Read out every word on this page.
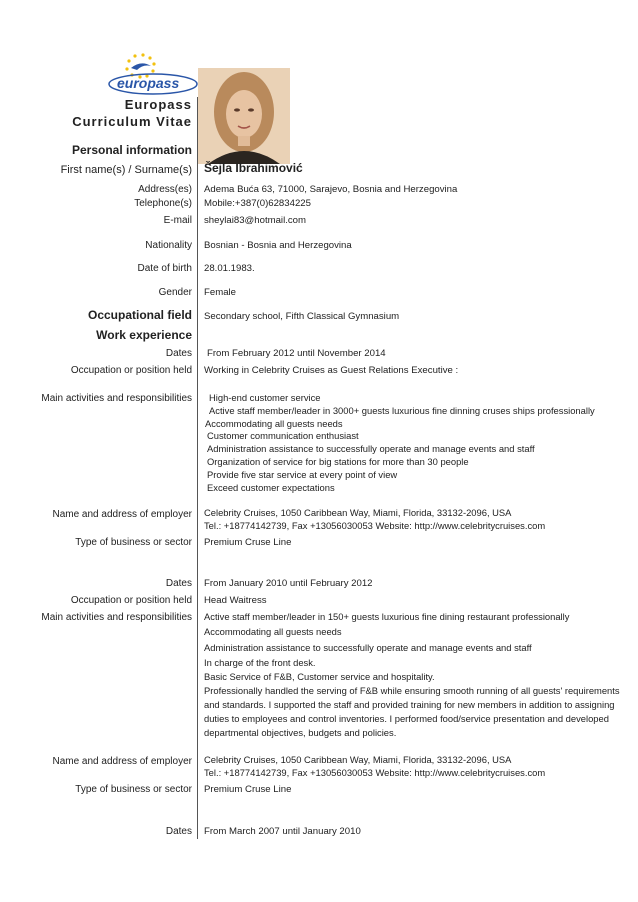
europass
Europass
Curriculum Vitae
Personal information
First name(s) / Surname(s) Šejla Ibrahimović
Address(es) Adema Buća 63, 71000, Sarajevo, Bosnia and Herzegovina
Telephone(s) Mobile:+387(0)62834225
E-mail sheylai83@hotmail.com
Nationality Bosnian - Bosnia and Herzegovina
Date of birth 28.01.1983.
Gender Female
Occupational field Secondary school, Fifth Classical Gymnasium
Work experience
Dates From February 2012 until November 2014
Occupation or position held Working in Celebrity Cruises as Guest Relations Executive :
Main activities and responsibilities High-end customer service
Active staff member/leader in 3000+ guests luxurious fine dinning cruses ships professionally
Accommodating all guests needs
Customer communication enthusiast
Administration assistance to successfully operate and manage events and staff
Organization of service for big stations for more than 30 people
Provide five star service at every point of view
Exceed customer expectations
Name and address of employer Celebrity Cruises, 1050 Caribbean Way, Miami, Florida, 33132-2096, USA
Tel.: +18774142739, Fax +13056030053 Website: http://www.celebritycruises.com
Type of business or sector Premium Cruse Line
Dates From January 2010 until February 2012
Occupation or position held Head Waitress
Main activities and responsibilities Active staff member/leader in 150+ guests luxurious fine dining restaurant professionally
Accommodating all guests needs
Administration assistance to successfully operate and manage events and staff
In charge of the front desk.
Basic Service of F&B, Customer service and hospitality.
Professionally handled the serving of F&B while ensuring smooth running of all guests' requirements
and standards. I supported the staff and provided training for new members in addition to assigning
duties to employees and control inventories. I performed food/service presentation and developed
departmental objectives, budgets and policies.
Name and address of employer Celebrity Cruises, 1050 Caribbean Way, Miami, Florida, 33132-2096, USA
Tel.: +18774142739, Fax +13056030053 Website: http://www.celebritycruises.com
Type of business or sector Premium Cruse Line
Dates From March 2007 until January 2010
